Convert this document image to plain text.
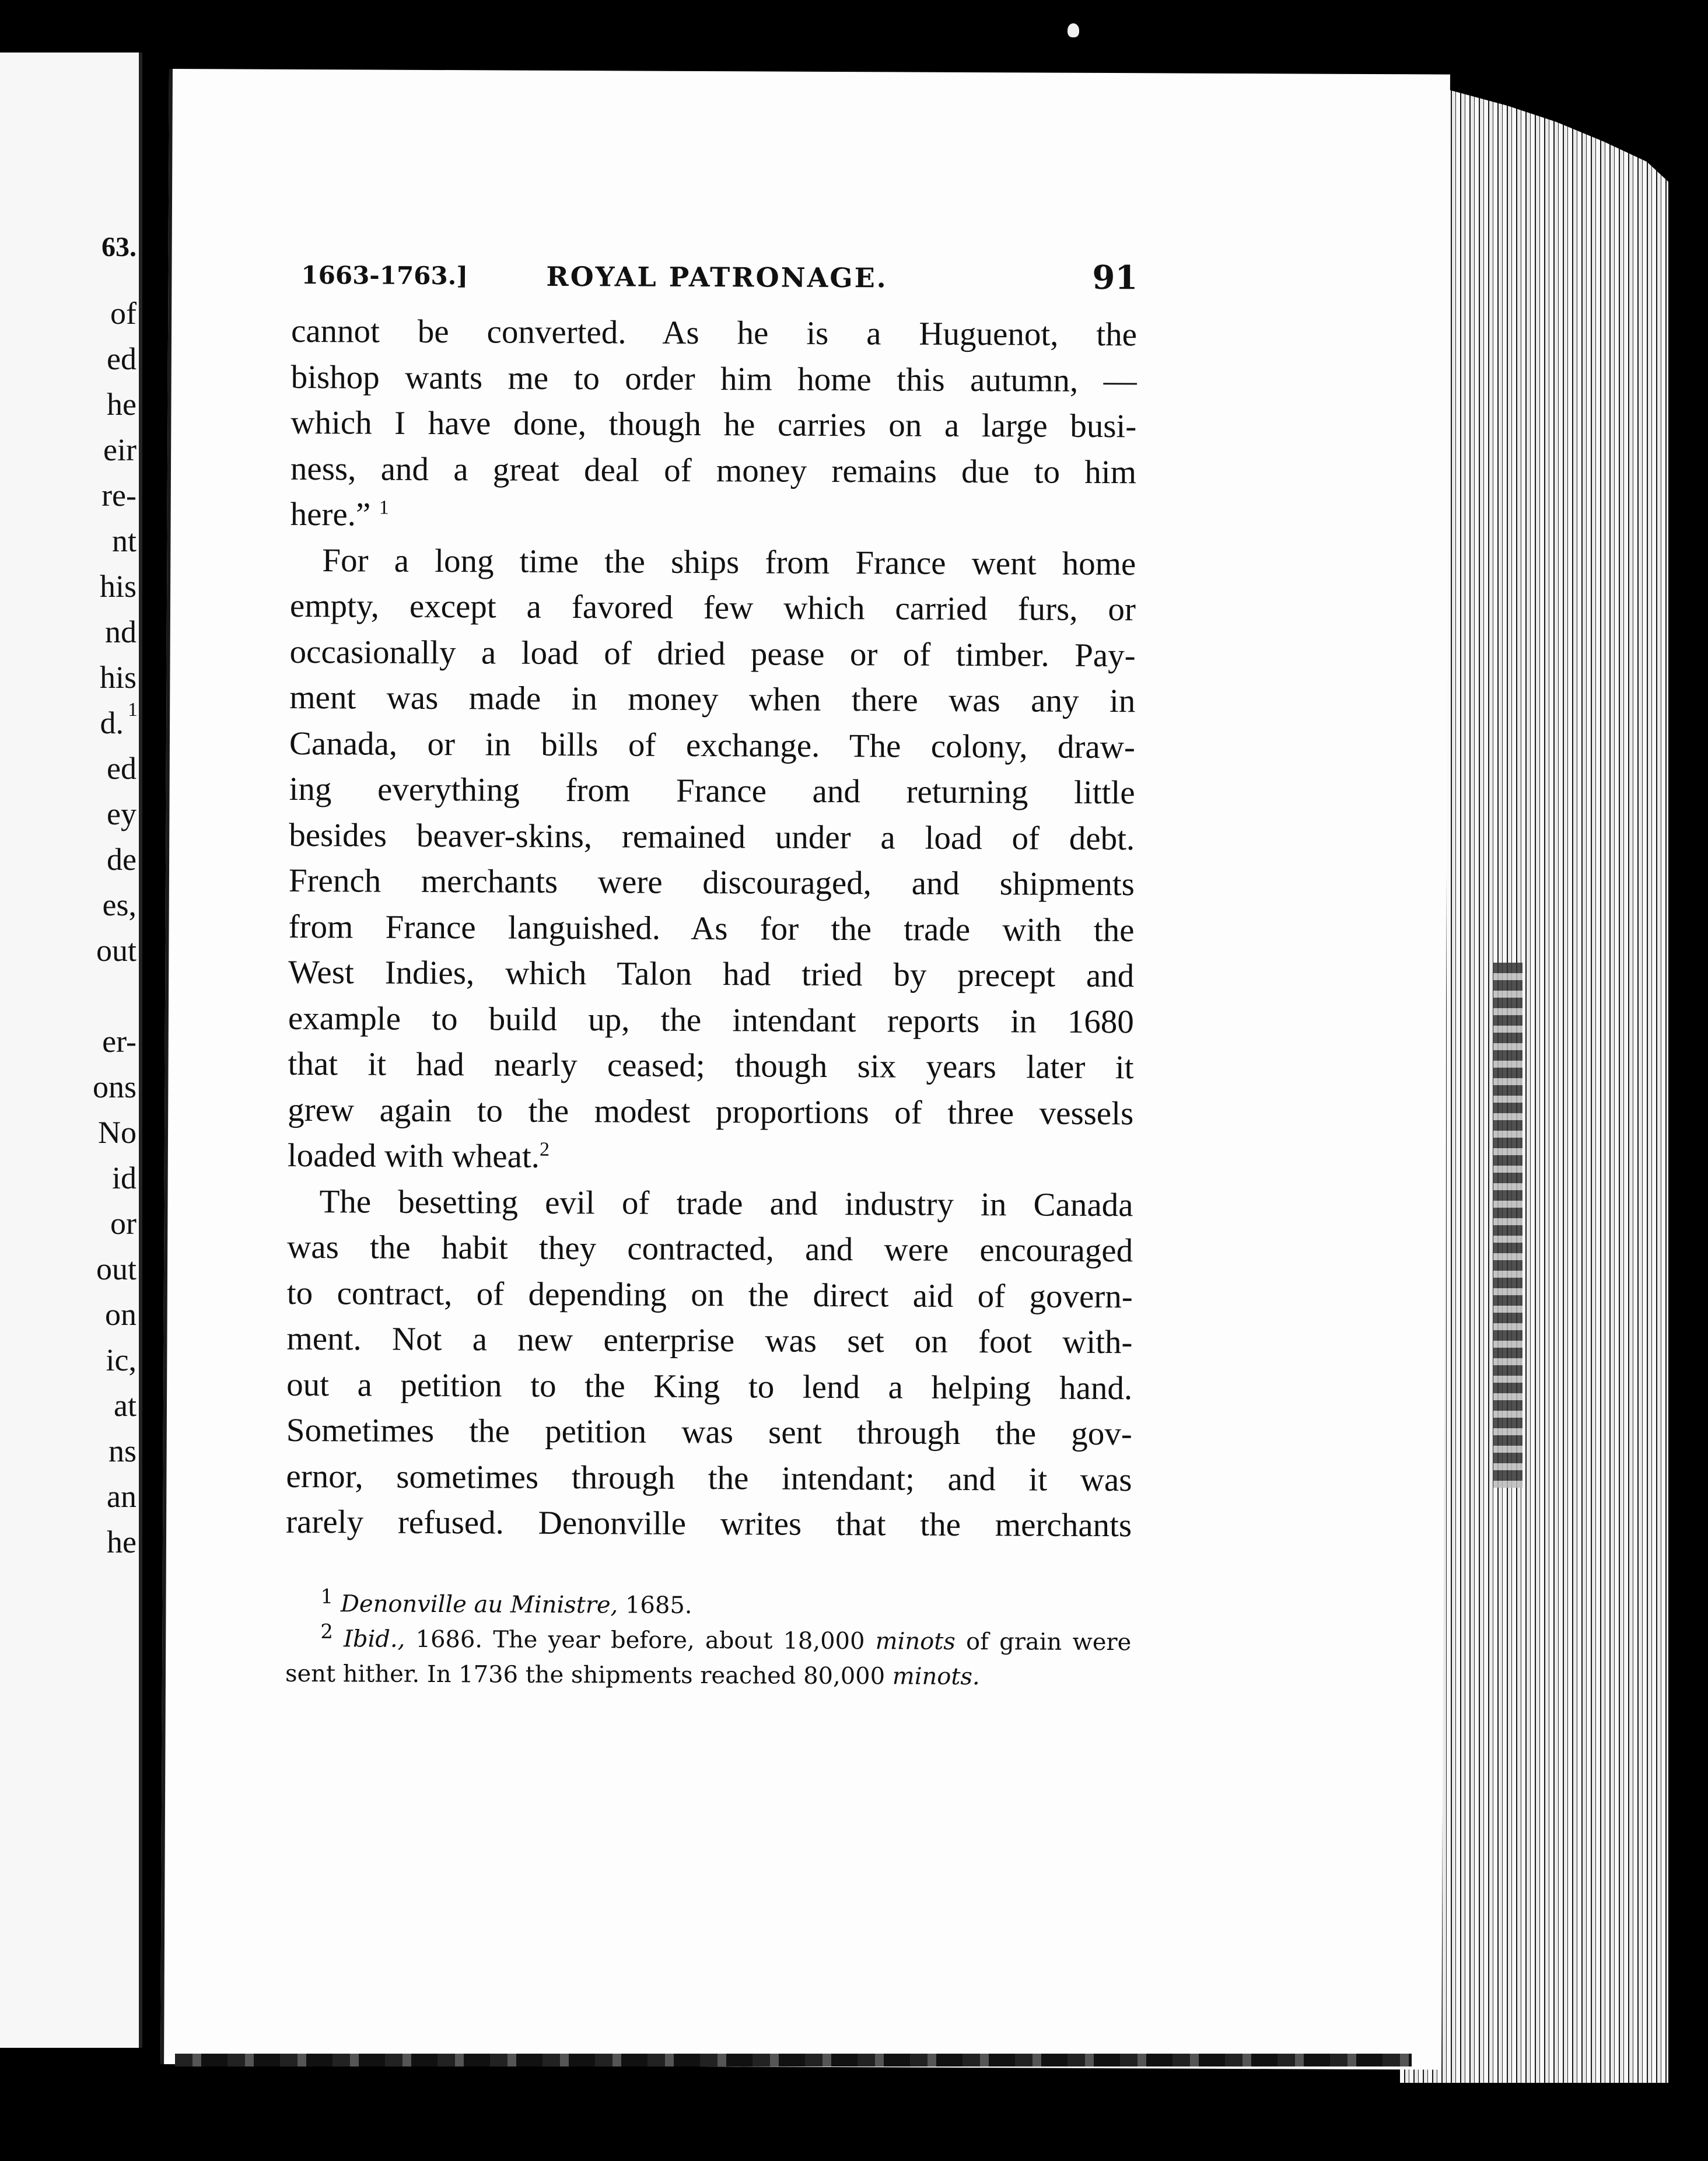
63.

of

ed

he

eir

re-

nt

his

nd

his

d. 1

ed

ey

de

es,

out

er-

ons

No

id

or

out

on

ic,

at

ns

an

he

1663-1763.]	ROYAL PATRONAGE.	91

cannot be converted. As he is a Huguenot, the

bishop wants me to order him home this autumn, —

which I have done, though he carries on a large busi-

ness, and a great deal of money remains due to him

here.” $^1$

For a long time the ships from France went home

empty, except a favored few which carried furs, or

occasionally a load of dried pease or of timber. Pay-

ment was made in money when there was any in

Canada, or in bills of exchange. The colony, draw-

ing everything from France and returning little

besides beaver-skins, remained under a load of debt.

French merchants were discouraged, and shipments

from France languished. As for the trade with the

West Indies, which Talon had tried by precept and

example to build up, the intendant reports in 1680

that it had nearly ceased; though six years later it

grew again to the modest proportions of three vessels

loaded with wheat.$^2$

The besetting evil of trade and industry in Canada

was the habit they contracted, and were encouraged

to contract, of depending on the direct aid of govern-

ment. Not a new enterprise was set on foot with-

out a petition to the King to lend a helping hand.

Sometimes the petition was sent through the gov-

ernor, sometimes through the intendant; and it was

rarely refused. Denonville writes that the merchants

$^1$ Denonville au Ministre, 1685.

$^2$ Ibid., 1686. The year before, about 18,000 minots of grain were

sent hither. In 1736 the shipments reached 80,000 minots.
